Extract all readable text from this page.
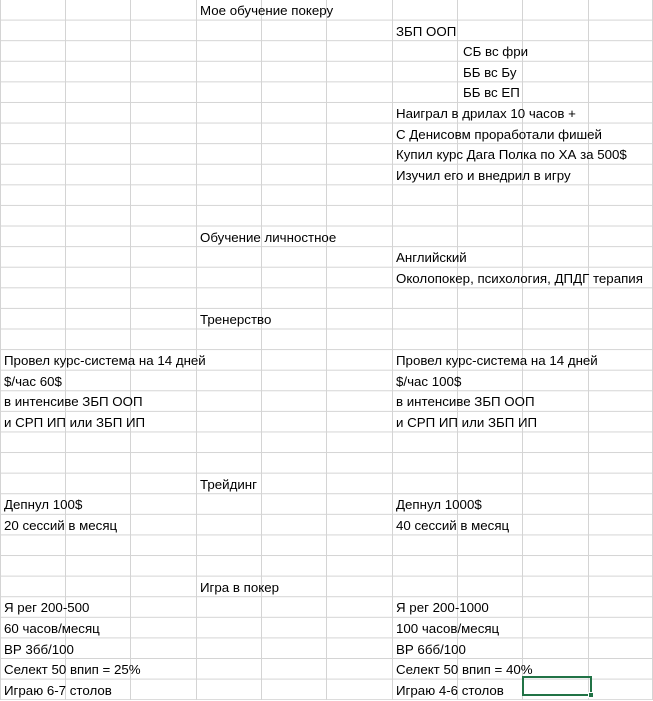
Мое обучение покеру
ЗБП ООП
СБ вс фри
ББ вс Бу
ББ вс ЕП
Наиграл в дрилах 10 часов +
С Денисовм проработали фишей
Купил курс Дага Полка по ХА за 500$
Изучил его и внедрил в игру
Обучение личностное
Английский
Околопокер, психология, ДПДГ терапия
Тренерство
Провел курс-система на 14 дней	Провел курс-система на 14 дней
$/час 60$	$/час 100$
в интенсиве ЗБП ООП	в интенсиве ЗБП ООП
и СРП ИП или ЗБП ИП	и СРП ИП или ЗБП ИП
Трейдинг
Депнул 100$	Депнул 1000$
20 сессий в месяц	40 сессий в месяц
Игра в покер
Я рег 200-500	Я рег 200-1000
60 часов/месяц	100 часов/месяц
ВР 3бб/100	ВР 6бб/100
Селект 50 впип = 25%	Селект 50 впип = 40%
Играю 6-7 столов	Играю 4-6 столов
